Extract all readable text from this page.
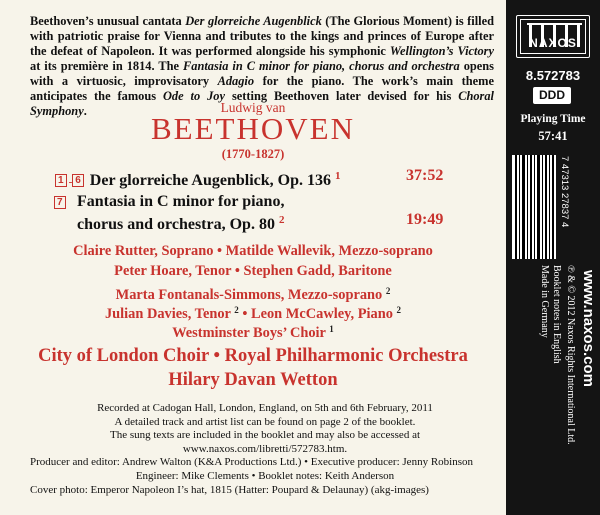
Beethoven’s unusual cantata Der glorreiche Augenblick (The Glorious Moment) is filled with patriotic praise for Vienna and tributes to the kings and princes of Europe after the defeat of Napoleon. It was performed alongside his symphonic Wellington’s Victory at its première in 1814. The Fantasia in C minor for piano, chorus and orchestra opens with a virtuosic, improvisatory Adagio for the piano. The work’s main theme anticipates the famous Ode to Joy setting Beethoven later devised for his Choral Symphony.	Ludwig van
BEETHOVEN
(1770-1827)
1 - 6 Der glorreiche Augenblick, Op. 136 $^1$	37:52
7 Fantasia in C minor for piano,
chorus and orchestra, Op. 80 $^2$	19:49
Claire Rutter, Soprano • Matilde Wallevik, Mezzo-soprano
Peter Hoare, Tenor • Stephen Gadd, Baritone
Marta Fontanals-Simmons, Mezzo-soprano $^2$
Julian Davies, Tenor $^2$ • Leon McCawley, Piano $^2$
Westminster Boys’ Choir $^1$
City of London Choir • Royal Philharmonic Orchestra
Hilary Davan Wetton
Recorded at Cadogan Hall, London, England, on 5th and 6th February, 2011
A detailed track and artist list can be found on page 2 of the booklet.
The sung texts are included in the booklet and may also be accessed at
www.naxos.com/libretti/572783.htm.
Producer and editor: Andrew Walton (K&A Productions Ltd.) • Executive producer: Jenny Robinson
Engineer: Mike Clements • Booklet notes: Keith Anderson
Cover photo: Emperor Napoleon I’s hat, 1815 (Hatter: Poupard & Delaunay) (akg-images)
NAXOS
8.572783
DDD
Playing Time
57:41
7 47313 27837 4
www.naxos.com
℗ & © 2012 Naxos Rights International Ltd.
Booklet notes in English
Made in Germany
